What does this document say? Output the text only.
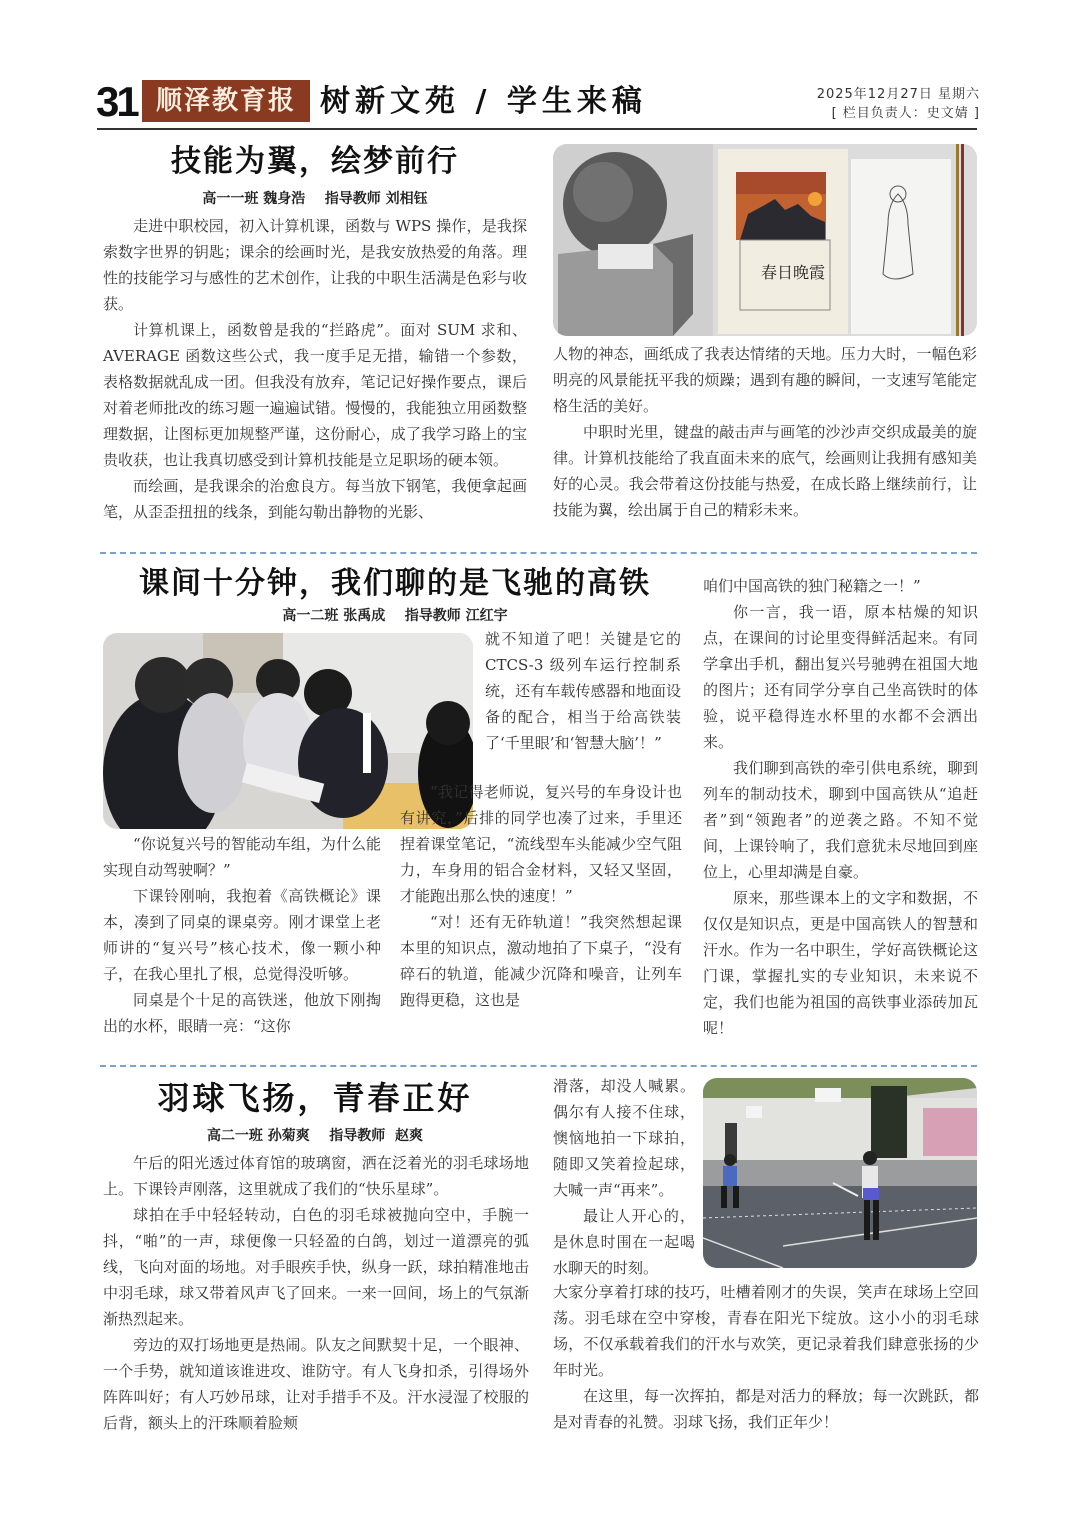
31 顺泽教育报 树新文苑 / 学生来稿	2025年12月27日 星期六
[ 栏目负责人：史文婧 ]
技能为翼，绘梦前行
高一一班 魏身浩    指导教师 刘相钰

走进中职校园，初入计算机课，函数与 WPS 操作，是我探索数字世界的钥匙；课余的绘画时光，是我安放热爱的角落。理性的技能学习与感性的艺术创作，让我的中职生活满是色彩与收获。

计算机课上，函数曾是我的“拦路虎”。面对 SUM 求和、AVERAGE 函数这些公式，我一度手足无措，输错一个参数，表格数据就乱成一团。但我没有放弃，笔记记好操作要点，课后对着老师批改的练习题一遍遍试错。慢慢的，我能独立用函数整理数据，让图标更加规整严谨，这份耐心，成了我学习路上的宝贵收获，也让我真切感受到计算机技能是立足职场的硬本领。

而绘画，是我课余的治愈良方。每当放下钢笔，我便拿起画笔，从歪歪扭扭的线条，到能勾勒出静物的光影、

春日晚霞

人物的神态，画纸成了我表达情绪的天地。压力大时，一幅色彩明亮的风景能抚平我的烦躁；遇到有趣的瞬间，一支速写笔能定格生活的美好。

中职时光里，键盘的敲击声与画笔的沙沙声交织成最美的旋律。计算机技能给了我直面未来的底气，绘画则让我拥有感知美好的心灵。我会带着这份技能与热爱，在成长路上继续前行，让技能为翼，绘出属于自己的精彩未来。

课间十分钟，我们聊的是飞驰的高铁
高一二班 张禹成    指导教师 江红宇

“你说复兴号的智能动车组，为什么能实现自动驾驶啊？”

下课铃刚响，我抱着《高铁概论》课本，凑到了同桌的课桌旁。刚才课堂上老师讲的“复兴号”核心技术，像一颗小种子，在我心里扎了根，总觉得没听够。

同桌是个十足的高铁迷，他放下刚掏出的水杯，眼睛一亮：“这你

就不知道了吧！关键是它的 CTCS-3 级列车运行控制系统，还有车载传感器和地面设备的配合，相当于给高铁装了‘千里眼’和‘智慧大脑’！”

“我记得老师说，复兴号的车身设计也有讲究，”后排的同学也凑了过来，手里还捏着课堂笔记，“流线型车头能减少空气阻力，车身用的铝合金材料，又轻又坚固，才能跑出那么快的速度！”

“对！还有无砟轨道！”我突然想起课本里的知识点，激动地拍了下桌子，“没有碎石的轨道，能减少沉降和噪音，让列车跑得更稳，这也是

咱们中国高铁的独门秘籍之一！”

你一言，我一语，原本枯燥的知识点，在课间的讨论里变得鲜活起来。有同学拿出手机，翻出复兴号驰骋在祖国大地的图片；还有同学分享自己坐高铁时的体验，说平稳得连水杯里的水都不会洒出来。

我们聊到高铁的牵引供电系统，聊到列车的制动技术，聊到中国高铁从“追赶者”到“领跑者”的逆袭之路。不知不觉间，上课铃响了，我们意犹未尽地回到座位上，心里却满是自豪。

原来，那些课本上的文字和数据，不仅仅是知识点，更是中国高铁人的智慧和汗水。作为一名中职生，学好高铁概论这门课，掌握扎实的专业知识，未来说不定，我们也能为祖国的高铁事业添砖加瓦呢！

羽球飞扬，青春正好
高二一班 孙菊爽    指导教师  赵爽

午后的阳光透过体育馆的玻璃窗，洒在泛着光的羽毛球场地上。下课铃声刚落，这里就成了我们的“快乐星球”。

球拍在手中轻轻转动，白色的羽毛球被抛向空中，手腕一抖，“啪”的一声，球便像一只轻盈的白鸽，划过一道漂亮的弧线，飞向对面的场地。对手眼疾手快，纵身一跃，球拍精准地击中羽毛球，球又带着风声飞了回来。一来一回间，场上的气氛渐渐热烈起来。

旁边的双打场地更是热闹。队友之间默契十足，一个眼神、一个手势，就知道该谁进攻、谁防守。有人飞身扣杀，引得场外阵阵叫好；有人巧妙吊球，让对手措手不及。汗水浸湿了校服的后背，额头上的汗珠顺着脸颊

滑落，却没人喊累。偶尔有人接不住球，懊恼地拍一下球拍，随即又笑着捡起球，大喊一声“再来”。

最让人开心的，是休息时围在一起喝水聊天的时刻。

大家分享着打球的技巧，吐槽着刚才的失误，笑声在球场上空回荡。羽毛球在空中穿梭，青春在阳光下绽放。这小小的羽毛球场，不仅承载着我们的汗水与欢笑，更记录着我们肆意张扬的少年时光。

在这里，每一次挥拍，都是对活力的释放；每一次跳跃，都是对青春的礼赞。羽球飞扬，我们正年少！
